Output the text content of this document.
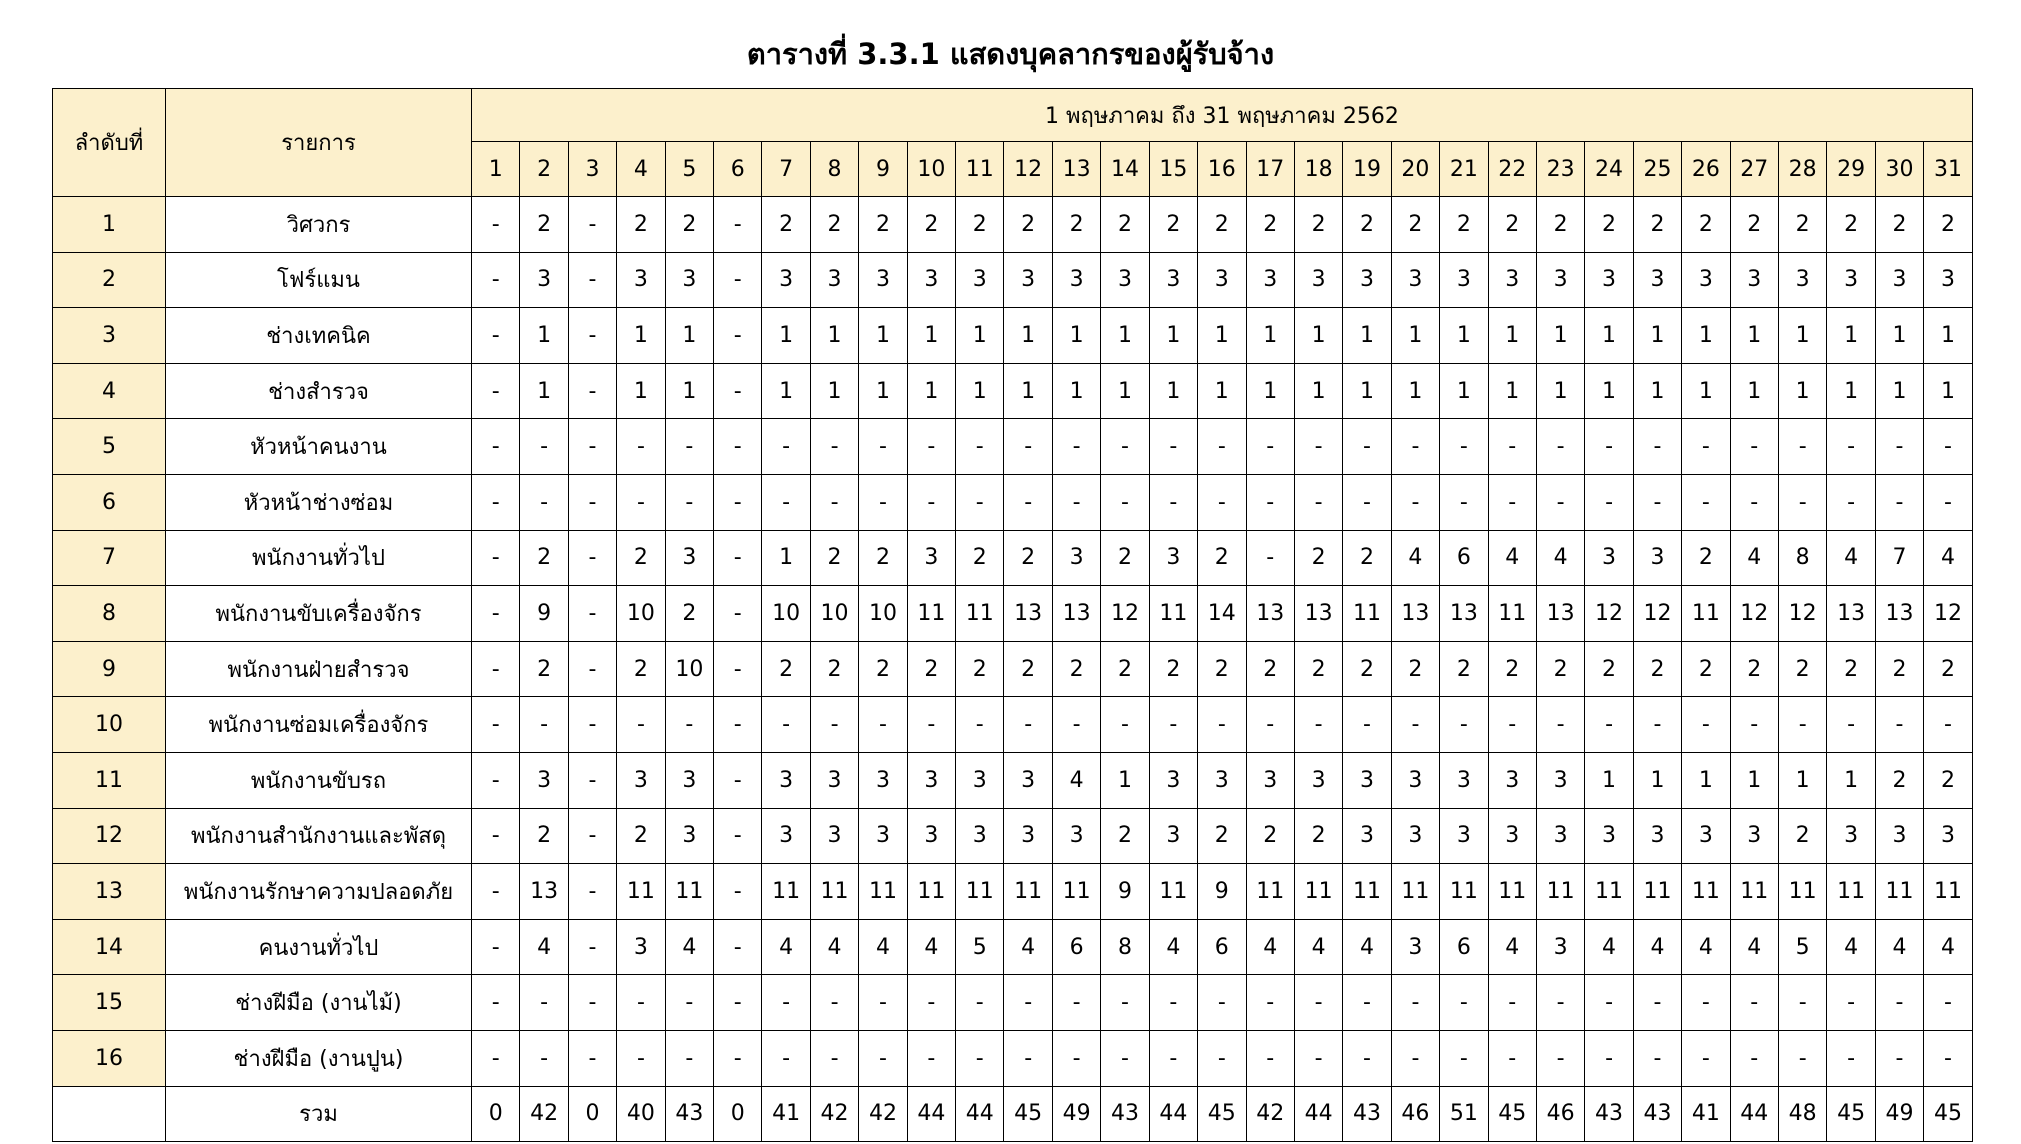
ตารางที่ 3.3.1 แสดงบุคลากรของผู้รับจ้าง
ลำดับที่	รายการ	1 พฤษภาคม ถึง 31 พฤษภาคม 2562																														
		1	2	3	4	5	6	7	8	9	10	11	12	13	14	15	16	17	18	19	20	21	22	23	24	25	26	27	28	29	30	31
1	วิศวกร	-	2	-	2	2	-	2	2	2	2	2	2	2	2	2	2	2	2	2	2	2	2	2	2	2	2	2	2	2	2	2
2	โฟร์แมน	-	3	-	3	3	-	3	3	3	3	3	3	3	3	3	3	3	3	3	3	3	3	3	3	3	3	3	3	3	3	3
3	ช่างเทคนิค	-	1	-	1	1	-	1	1	1	1	1	1	1	1	1	1	1	1	1	1	1	1	1	1	1	1	1	1	1	1	1
4	ช่างสำรวจ	-	1	-	1	1	-	1	1	1	1	1	1	1	1	1	1	1	1	1	1	1	1	1	1	1	1	1	1	1	1	1
5	หัวหน้าคนงาน	-	-	-	-	-	-	-	-	-	-	-	-	-	-	-	-	-	-	-	-	-	-	-	-	-	-	-	-	-	-	-
6	หัวหน้าช่างซ่อม	-	-	-	-	-	-	-	-	-	-	-	-	-	-	-	-	-	-	-	-	-	-	-	-	-	-	-	-	-	-	-
7	พนักงานทั่วไป	-	2	-	2	3	-	1	2	2	3	2	2	3	2	3	2	-	2	2	4	6	4	4	3	3	2	4	8	4	7	4
8	พนักงานขับเครื่องจักร	-	9	-	10	2	-	10	10	10	11	11	13	13	12	11	14	13	13	11	13	13	11	13	12	12	11	12	12	13	13	12
9	พนักงานฝ่ายสำรวจ	-	2	-	2	10	-	2	2	2	2	2	2	2	2	2	2	2	2	2	2	2	2	2	2	2	2	2	2	2	2	2
10	พนักงานซ่อมเครื่องจักร	-	-	-	-	-	-	-	-	-	-	-	-	-	-	-	-	-	-	-	-	-	-	-	-	-	-	-	-	-	-	-
11	พนักงานขับรถ	-	3	-	3	3	-	3	3	3	3	3	3	4	1	3	3	3	3	3	3	3	3	3	1	1	1	1	1	1	2	2
12	พนักงานสำนักงานและพัสดุ	-	2	-	2	3	-	3	3	3	3	3	3	3	2	3	2	2	2	3	3	3	3	3	3	3	3	3	2	3	3	3
13	พนักงานรักษาความปลอดภัย	-	13	-	11	11	-	11	11	11	11	11	11	11	9	11	9	11	11	11	11	11	11	11	11	11	11	11	11	11	11	11
14	คนงานทั่วไป	-	4	-	3	4	-	4	4	4	4	5	4	6	8	4	6	4	4	4	3	6	4	3	4	4	4	4	5	4	4	4
15	ช่างฝีมือ (งานไม้)	-	-	-	-	-	-	-	-	-	-	-	-	-	-	-	-	-	-	-	-	-	-	-	-	-	-	-	-	-	-	-
16	ช่างฝีมือ (งานปูน)	-	-	-	-	-	-	-	-	-	-	-	-	-	-	-	-	-	-	-	-	-	-	-	-	-	-	-	-	-	-	-
	รวม	0	42	0	40	43	0	41	42	42	44	44	45	49	43	44	45	42	44	43	46	51	45	46	43	43	41	44	48	45	49	45
